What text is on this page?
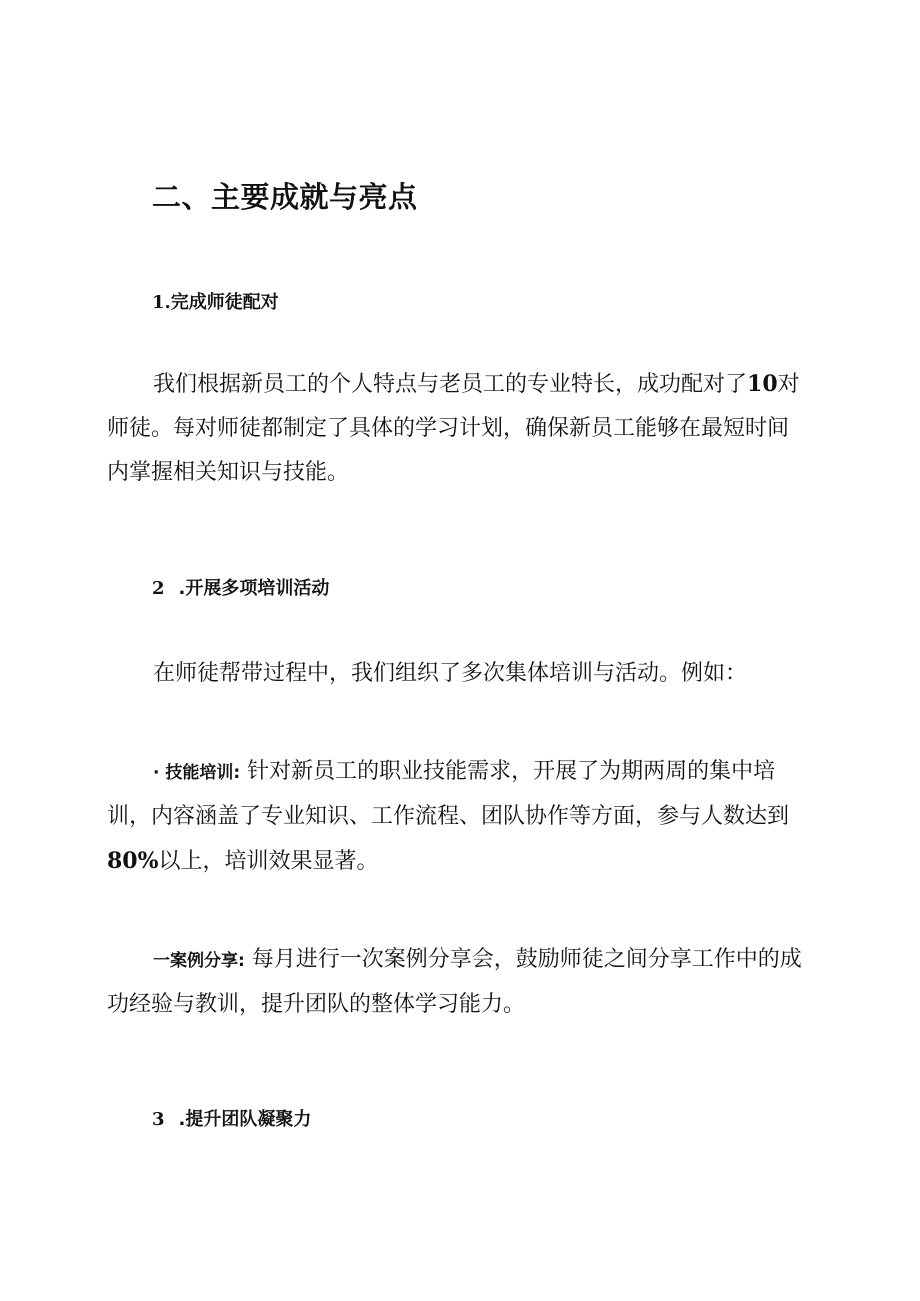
二、主要成就与亮点
1.完成师徒配对

我们根据新员工的个人特点与老员工的专业特长，成功配对了10对师徒。每对师徒都制定了具体的学习计划，确保新员工能够在最短时间内掌握相关知识与技能。

2 .开展多项培训活动

在师徒帮带过程中，我们组织了多次集体培训与活动。例如：

· 技能培训: 针对新员工的职业技能需求，开展了为期两周的集中培训，内容涵盖了专业知识、工作流程、团队协作等方面，参与人数达到80%以上，培训效果显著。

一案例分享: 每月进行一次案例分享会，鼓励师徒之间分享工作中的成功经验与教训，提升团队的整体学习能力。

3 .提升团队凝聚力
